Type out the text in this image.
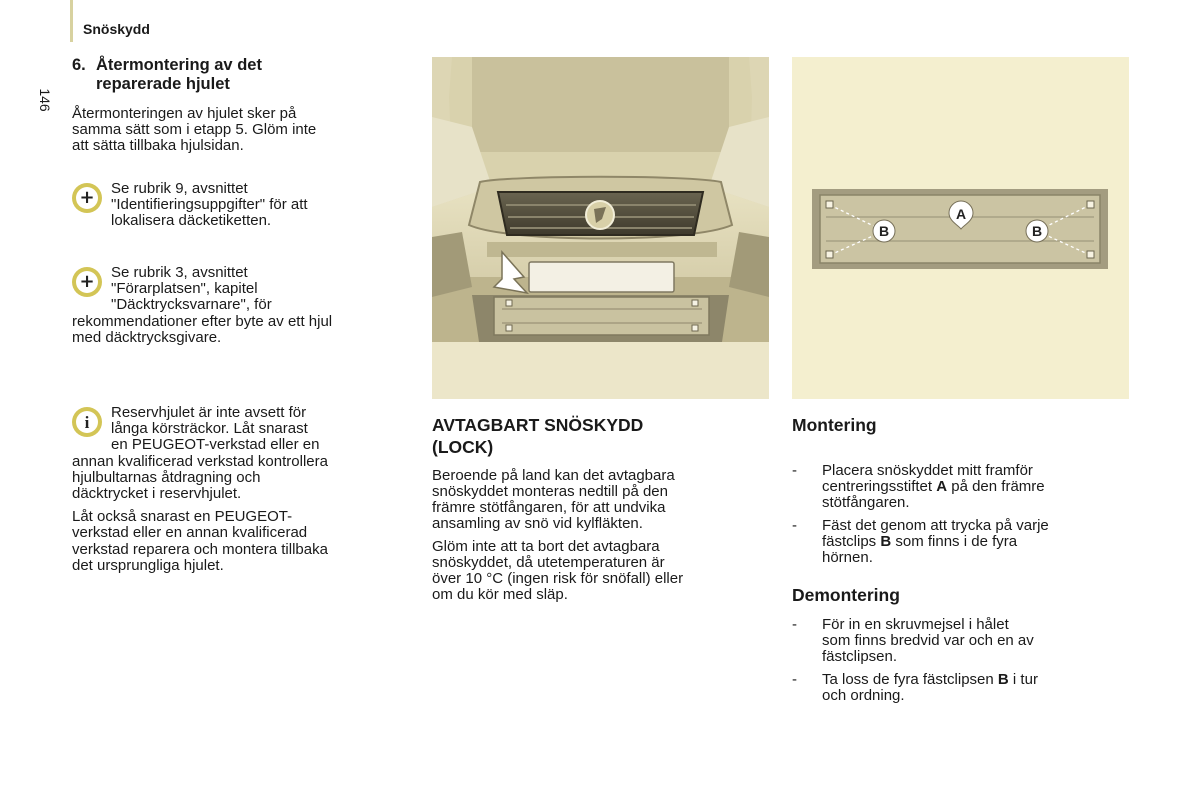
Snöskydd
146
6. Återmontering av det
reparerade hjulet
Återmonteringen av hjulet sker på
samma sätt som i etapp 5. Glöm inte
att sätta tillbaka hjulsidan.
+ Se rubrik 9, avsnittet
"Identifieringsuppgifter" för att
lokalisera däcketiketten.
+ Se rubrik 3, avsnittet
"Förarplatsen", kapitel
"Däcktrycksvarnare", för
rekommendationer efter byte av ett hjul
med däcktrycksgivare.
i	Reservhjulet är inte avsett för
långa körsträckor. Låt snarast
en PEUGEOT-verkstad eller en
annan kvalificerad verkstad kontrollera
hjulbultarnas åtdragning och
däcktrycket i reservhjulet.
Låt också snarast en PEUGEOT-
verkstad eller en annan kvalificerad
verkstad reparera och montera tillbaka
det ursprungliga hjulet.
A
B	B
AVTAGBART SNÖSKYDD
(LOCK)
Beroende på land kan det avtagbara
snöskyddet monteras nedtill på den
främre stötfångaren, för att undvika
ansamling av snö vid kylfläkten.
Glöm inte att ta bort det avtagbara
snöskyddet, då utetemperaturen är
över 10 °C (ingen risk för snöfall) eller
om du kör med släp.
Montering
- Placera snöskyddet mitt framför
centreringsstiftet A på den främre
stötfångaren.
- Fäst det genom att trycka på varje
fästclips B som finns i de fyra
hörnen.
Demontering
- För in en skruvmejsel i hålet
som finns bredvid var och en av
fästclipsen.
- Ta loss de fyra fästclipsen B i tur
och ordning.
